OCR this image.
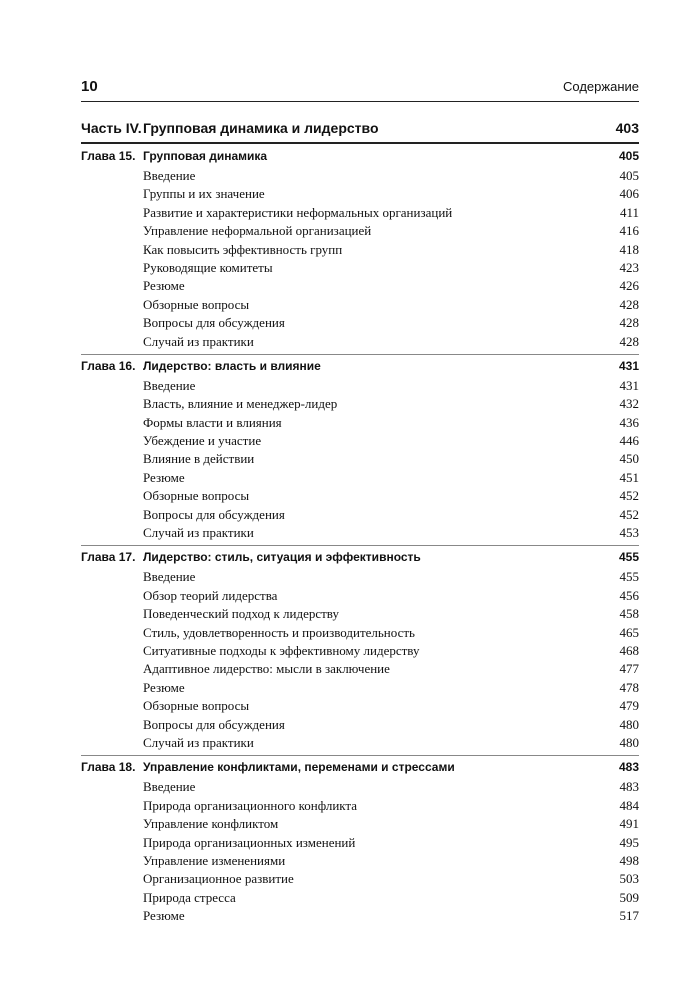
10	Содержание
Часть IV. Групповая динамика и лидерство	403
Глава 15. Групповая динамика	405
Введение	405
Группы и их значение	406
Развитие и характеристики неформальных организаций	411
Управление неформальной организацией	416
Как повысить эффективность групп	418
Руководящие комитеты	423
Резюме	426
Обзорные вопросы	428
Вопросы для обсуждения	428
Случай из практики	428
Глава 16. Лидерство: власть и влияние	431
Введение	431
Власть, влияние и менеджер-лидер	432
Формы власти и влияния	436
Убеждение и участие	446
Влияние в действии	450
Резюме	451
Обзорные вопросы	452
Вопросы для обсуждения	452
Случай из практики	453
Глава 17. Лидерство: стиль, ситуация и эффективность	455
Введение	455
Обзор теорий лидерства	456
Поведенческий подход к лидерству	458
Стиль, удовлетворенность и производительность	465
Ситуативные подходы к эффективному лидерству	468
Адаптивное лидерство: мысли в заключение	477
Резюме	478
Обзорные вопросы	479
Вопросы для обсуждения	480
Случай из практики	480
Глава 18. Управление конфликтами, переменами и стрессами	483
Введение	483
Природа организационного конфликта	484
Управление конфликтом	491
Природа организационных изменений	495
Управление изменениями	498
Организационное развитие	503
Природа стресса	509
Резюме	517
